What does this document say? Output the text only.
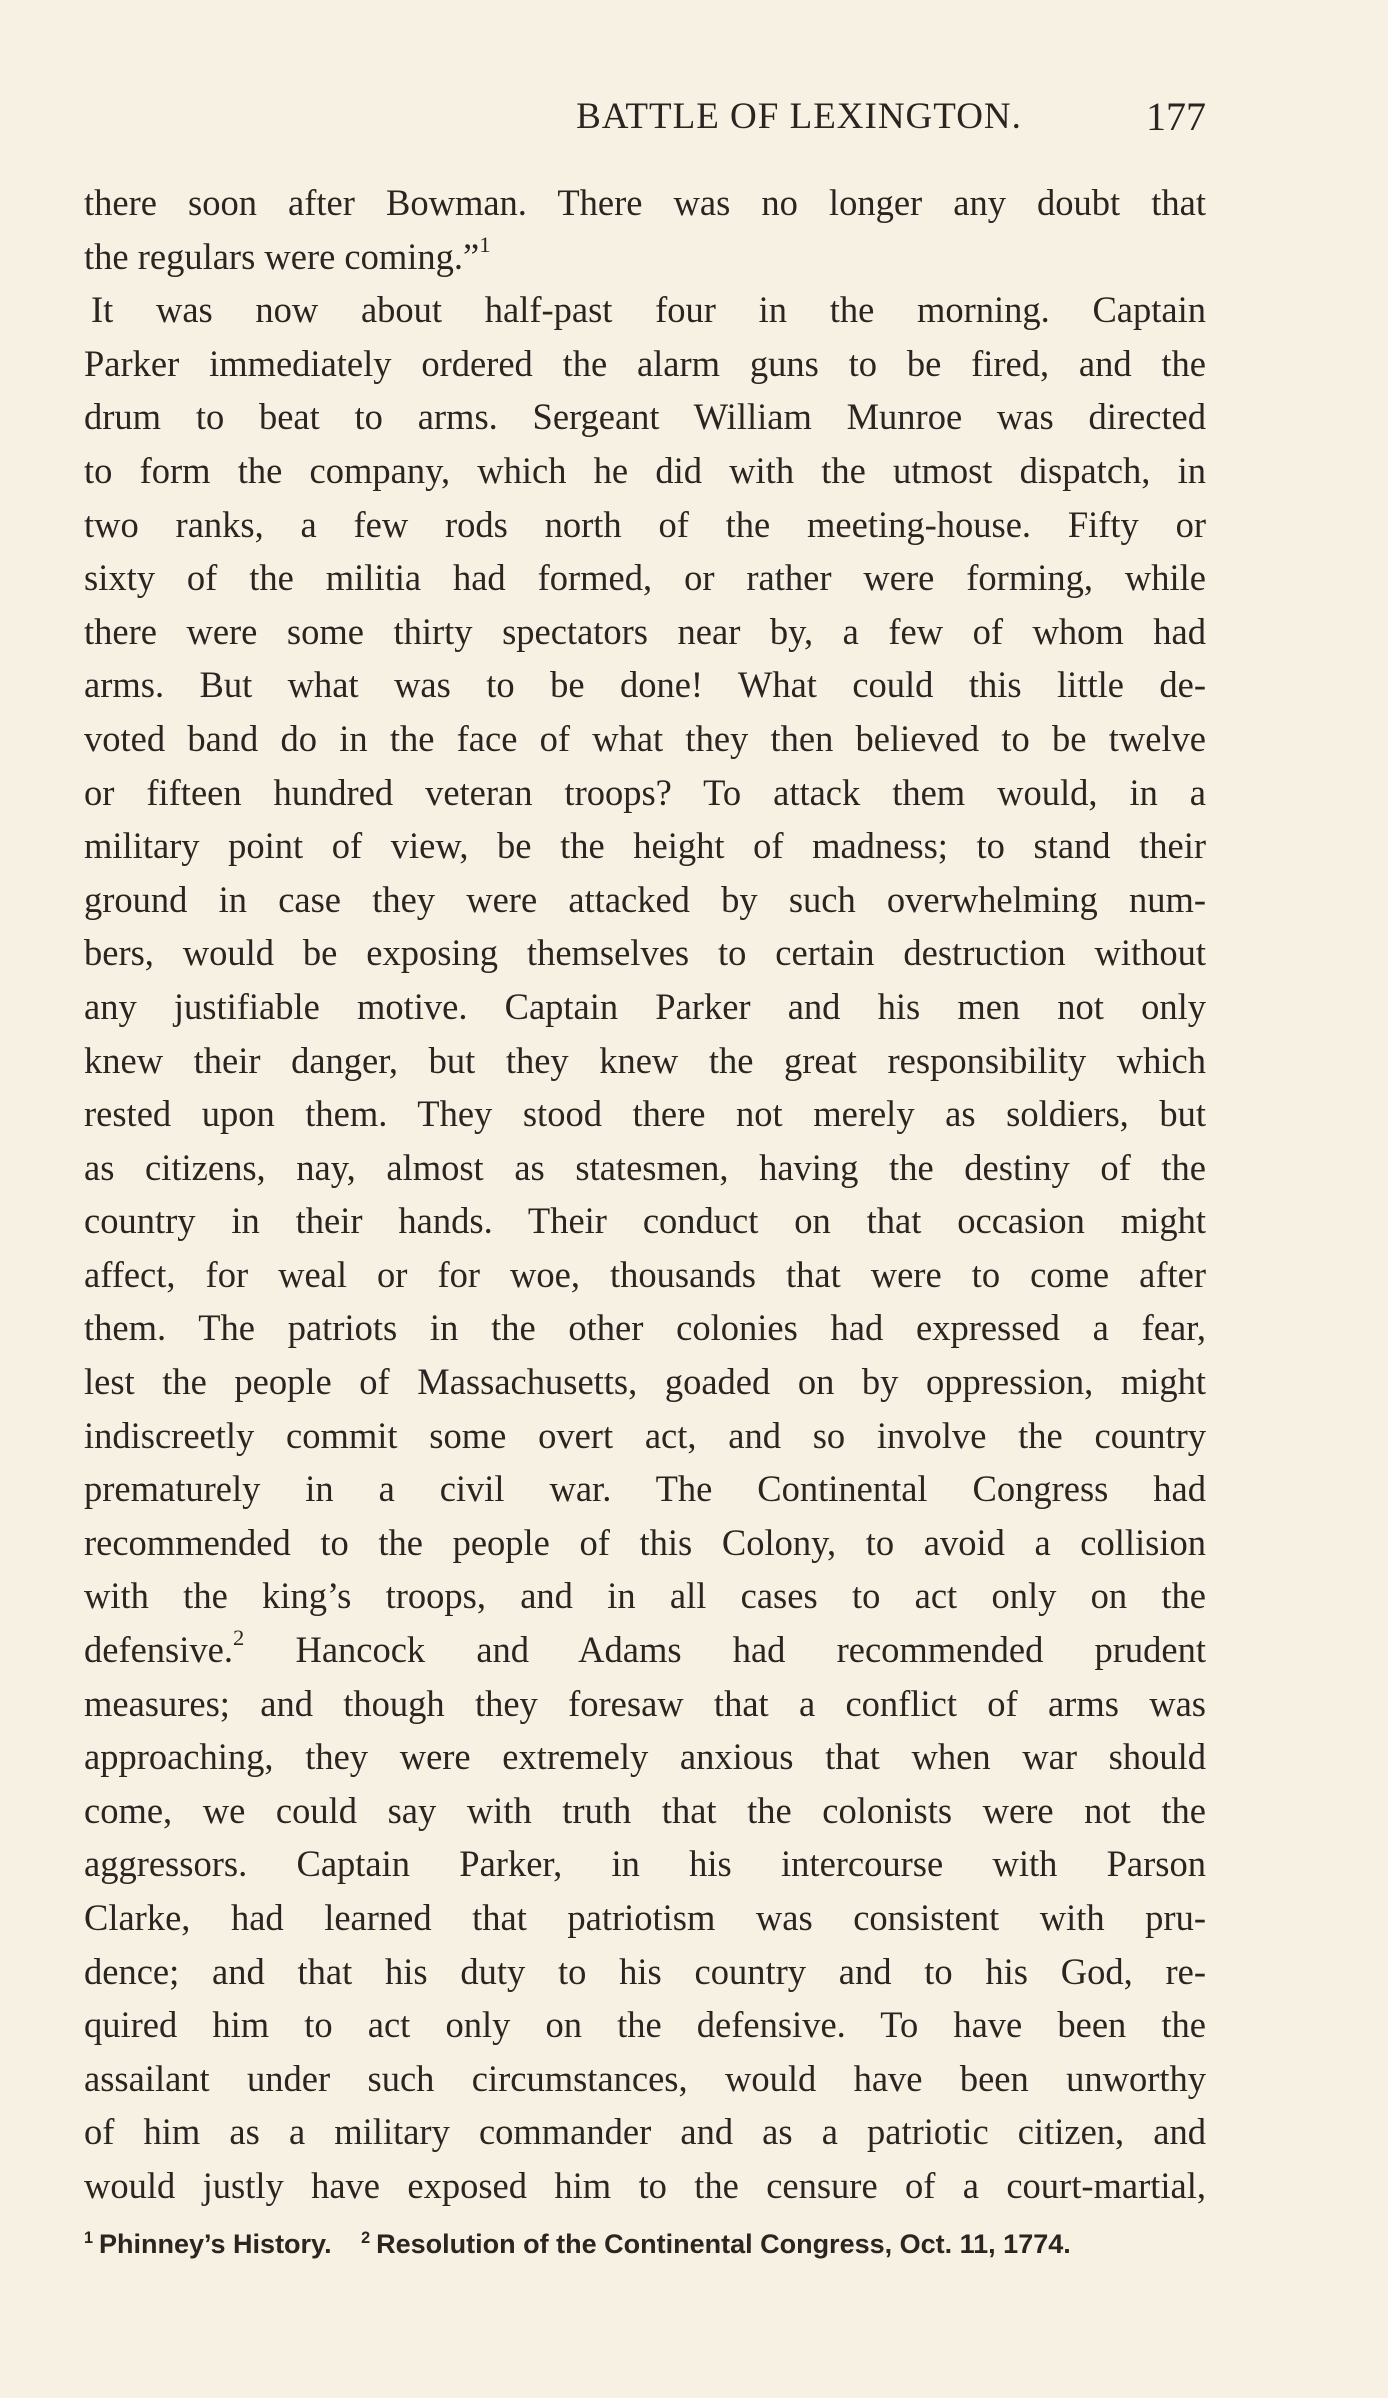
BATTLE OF LEXINGTON.	177
there soon after Bowman. There was no longer any doubt that
the regulars were coming.”$^1$
It was now about half-past four in the morning. Captain
Parker immediately ordered the alarm guns to be fired, and the
drum to beat to arms. Sergeant William Munroe was directed
to form the company, which he did with the utmost dispatch, in
two ranks, a few rods north of the meeting-house. Fifty or
sixty of the militia had formed, or rather were forming, while
there were some thirty spectators near by, a few of whom had
arms. But what was to be done! What could this little de-
voted band do in the face of what they then believed to be twelve
or fifteen hundred veteran troops? To attack them would, in a
military point of view, be the height of madness; to stand their
ground in case they were attacked by such overwhelming num-
bers, would be exposing themselves to certain destruction without
any justifiable motive. Captain Parker and his men not only
knew their danger, but they knew the great responsibility which
rested upon them. They stood there not merely as soldiers, but
as citizens, nay, almost as statesmen, having the destiny of the
country in their hands. Their conduct on that occasion might
affect, for weal or for woe, thousands that were to come after
them. The patriots in the other colonies had expressed a fear,
lest the people of Massachusetts, goaded on by oppression, might
indiscreetly commit some overt act, and so involve the country
prematurely in a civil war. The Continental Congress had
recommended to the people of this Colony, to avoid a collision
with the king’s troops, and in all cases to act only on the
defensive.$^2$ Hancock and Adams had recommended prudent
measures; and though they foresaw that a conflict of arms was
approaching, they were extremely anxious that when war should
come, we could say with truth that the colonists were not the
aggressors. Captain Parker, in his intercourse with Parson
Clarke, had learned that patriotism was consistent with pru-
dence; and that his duty to his country and to his God, re-
quired him to act only on the defensive. To have been the
assailant under such circumstances, would have been unworthy
of him as a military commander and as a patriotic citizen, and
would justly have exposed him to the censure of a court-martial,
$^1$ Phinney’s History. $^2$ Resolution of the Continental Congress, Oct. 11, 1774.
